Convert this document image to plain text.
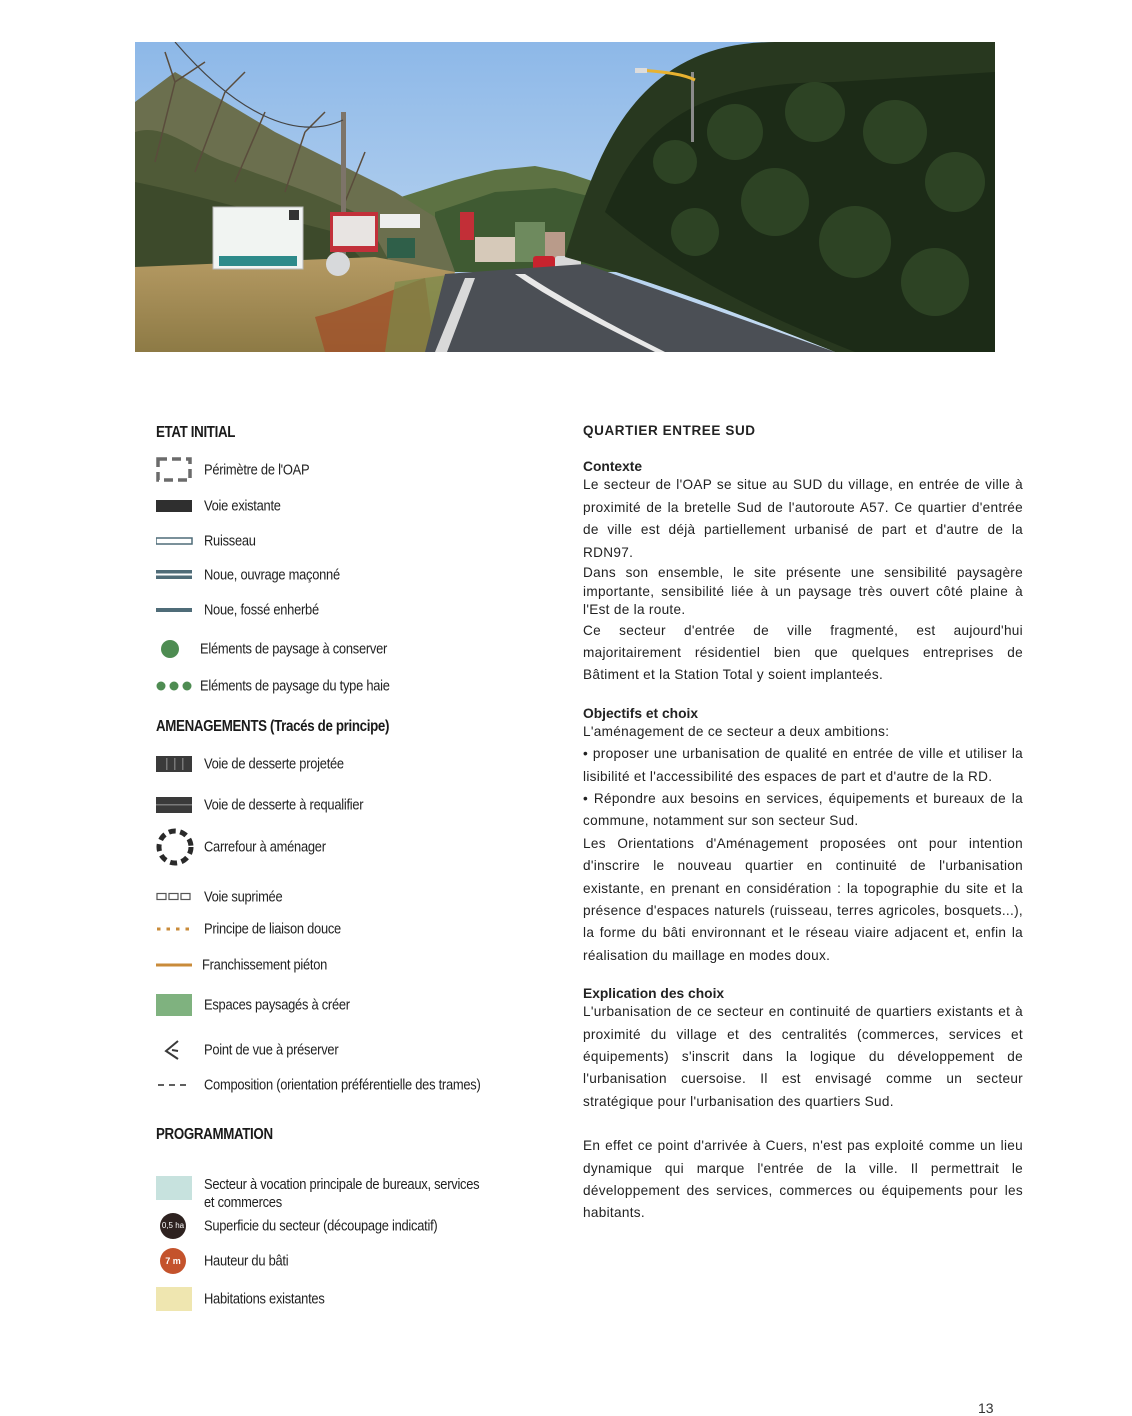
ETAT INITIAL
Périmètre de l'OAP
Voie existante
Ruisseau
Noue, ouvrage maçonné
Noue, fossé enherbé
Eléments de paysage à conserver
Eléments de paysage du type haie
AMENAGEMENTS (Tracés de principe)
Voie de desserte projetée
Voie de desserte à requalifier
Carrefour à aménager
Voie suprimée
Principe de liaison douce
Franchissement piéton
Espaces paysagés à créer
Point de vue à préserver
Composition (orientation préférentielle des trames)
PROGRAMMATION
Secteur à vocation principale de bureaux, services
et commerces
0,5 ha Superficie du secteur (découpage indicatif)
7 m	Hauteur du bâti
Habitations existantes
QUARTIER ENTREE SUD
Contexte

Le secteur de l'OAP se situe au SUD du village, en entrée de ville à proximité de la bretelle Sud de l'autoroute A57. Ce quartier d'entrée de ville est déjà partiellement urbanisé de part et d'autre de la RDN97.

Dans son ensemble, le site présente une sensibilité paysagère importante, sensibilité liée à un paysage très ouvert côté plaine à l'Est de la route.

Ce secteur d'entrée de ville fragmenté, est aujourd'hui majoritairement résidentiel bien que quelques entreprises de Bâtiment et la Station Total y soient implanteés.

Objectifs et choix

L'aménagement de ce secteur a deux ambitions:

• proposer une urbanisation de qualité en entrée de ville et utiliser la lisibilité et l'accessibilité des espaces de part et d'autre de la RD.

• Répondre aux besoins en services, équipements et bureaux de la commune, notamment sur son secteur Sud.

Les Orientations d'Aménagement proposées ont pour intention d'inscrire le nouveau quartier en continuité de l'urbanisation existante, en prenant en considération : la topographie du site et la présence d'espaces naturels (ruisseau, terres agricoles, bosquets...), la forme du bâti environnant et le réseau viaire adjacent et, enfin la réalisation du maillage en modes doux.

Explication des choix

L'urbanisation de ce secteur en continuité de quartiers existants et à proximité du village et des centralités (commerces, services et équipements) s'inscrit dans la logique du développement de l'urbanisation cuersoise. Il est envisagé comme un secteur stratégique pour l'urbanisation des quartiers Sud.

En effet ce point d'arrivée à Cuers, n'est pas exploité comme un lieu dynamique qui marque l'entrée de la ville. Il permettrait le développement des services, commerces ou équipements pour les habitants.

13
